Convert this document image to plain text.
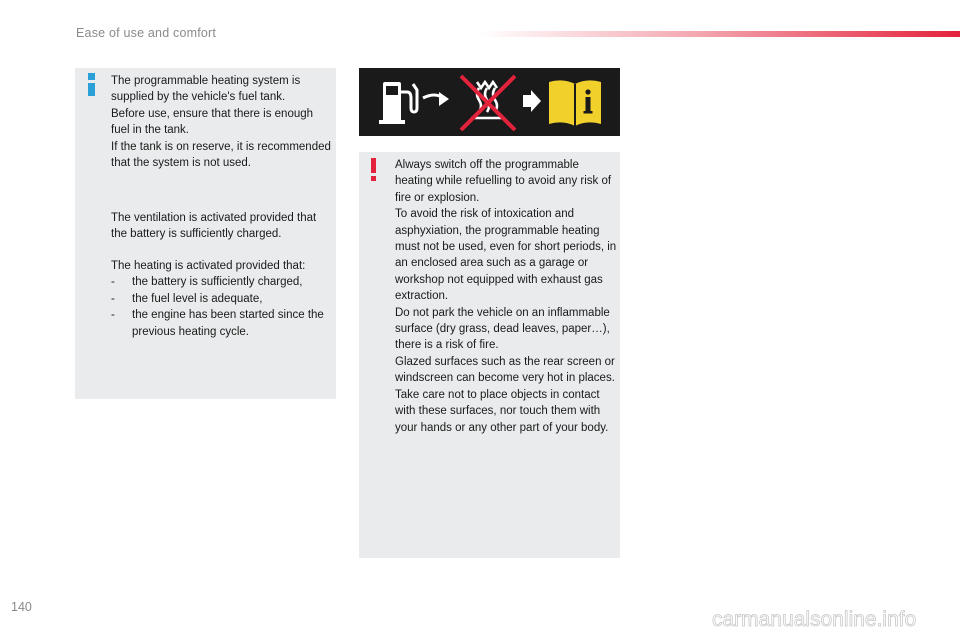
Ease of use and comfort

The programmable heating system is supplied by the vehicle's fuel tank.

Before use, ensure that there is enough fuel in the tank.

If the tank is on reserve, it is recommended that the system is not used.

The ventilation is activated provided that the battery is sufficiently charged.

The heating is activated provided that:

-	the battery is sufficiently charged,
-	the fuel level is adequate,
-	the engine has been started since the previous heating cycle.

Always switch off the programmable heating while refuelling to avoid any risk of fire or explosion.

To avoid the risk of intoxication and asphyxiation, the programmable heating must not be used, even for short periods, in an enclosed area such as a garage or workshop not equipped with exhaust gas extraction.

Do not park the vehicle on an inflammable surface (dry grass, dead leaves, paper…), there is a risk of fire.

Glazed surfaces such as the rear screen or windscreen can become very hot in places.

Take care not to place objects in contact with these surfaces, nor touch them with your hands or any other part of your body.

140
carmanualsonline.info
